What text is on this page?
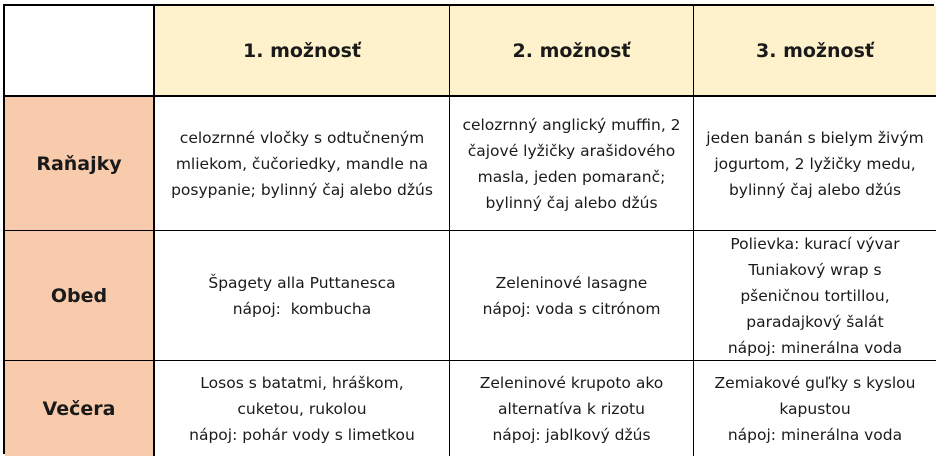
1. možnosť	2. možnosť	3. možnosť
Raňajky
celozrnné vločky s odtučneným
mliekom, čučoriedky, mandle na
posypanie; bylinný čaj alebo džús
celozrnný anglický muffin, 2
čajové lyžičky arašidového
masla, jeden pomaranč;
bylinný čaj alebo džús
jeden banán s bielym živým
jogurtom, 2 lyžičky medu,
bylinný čaj alebo džús
Obed
Špagety alla Puttanesca
nápoj:  kombucha
Zeleninové lasagne
nápoj: voda s citrónom
Polievka: kurací vývar
Tuniakový wrap s
pšeničnou tortillou,
paradajkový šalát
nápoj: minerálna voda
Večera
Losos s batatmi, hráškom,
cuketou, rukolou
nápoj: pohár vody s limetkou
Zeleninové krupoto ako
alternatíva k rizotu
nápoj: jablkový džús
Zemiakové guľky s kyslou
kapustou
nápoj: minerálna voda
